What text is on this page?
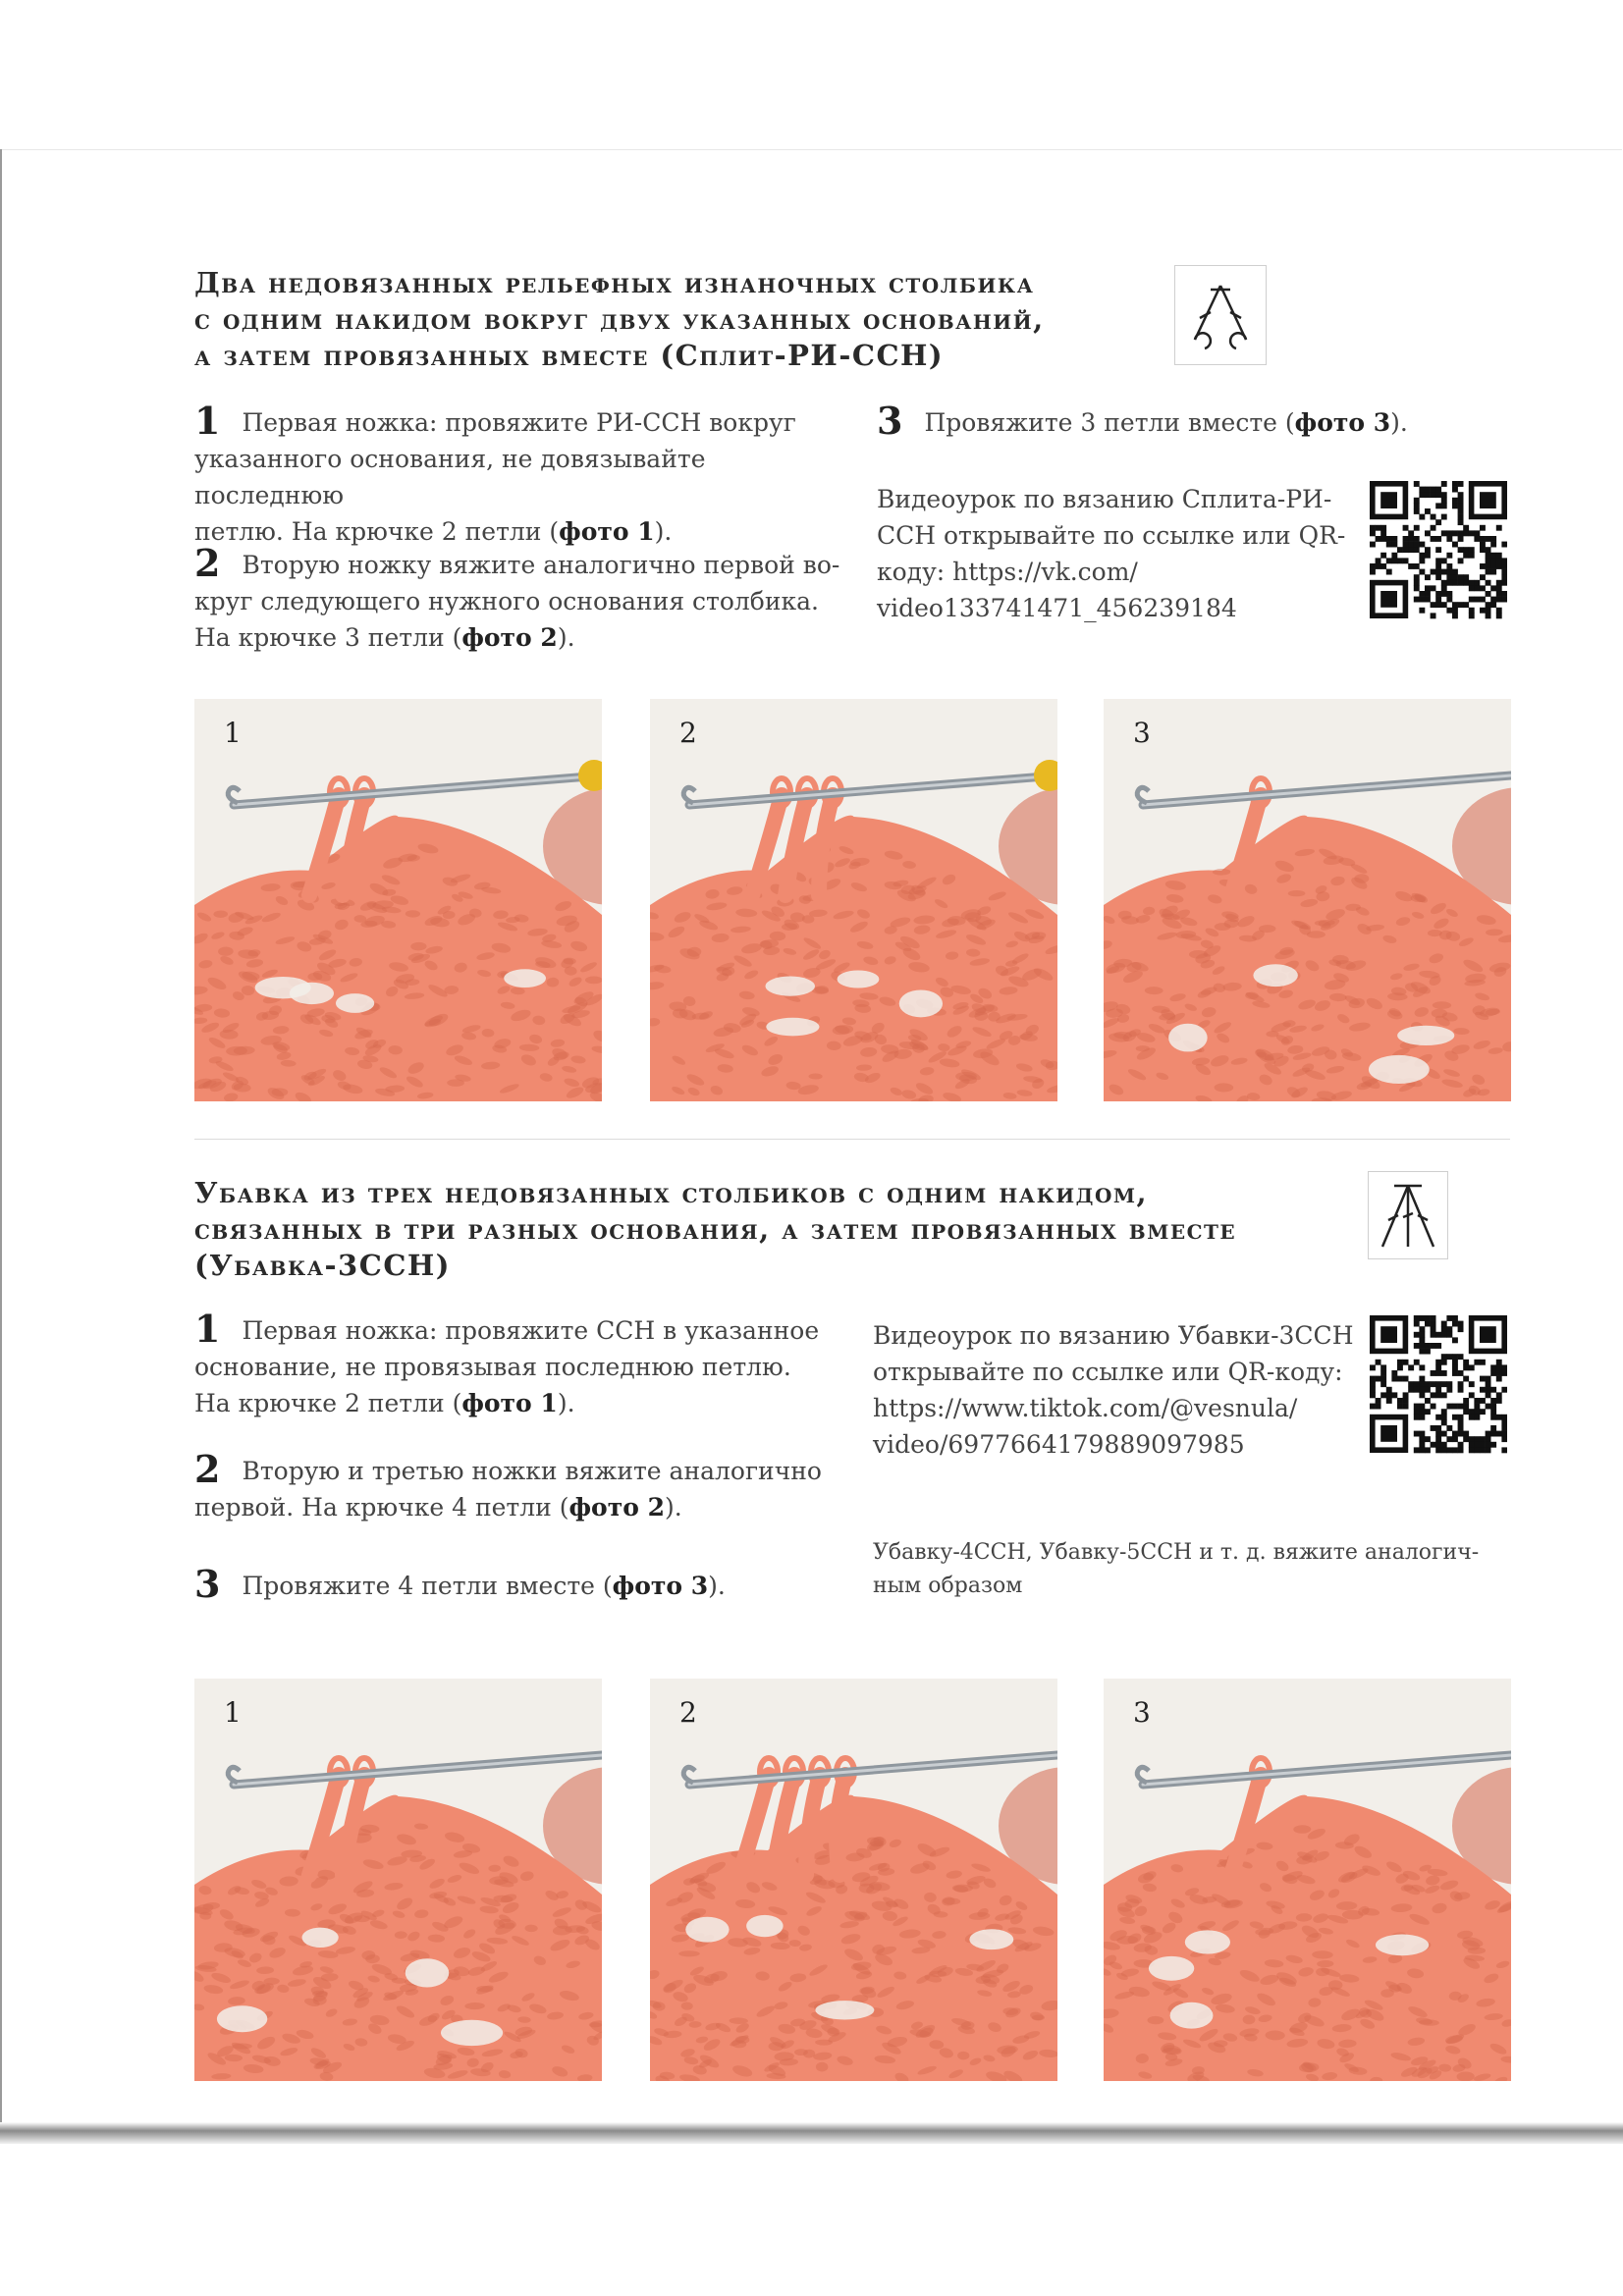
Два недовязанных рельефных изнаночных столбика
с одним накидом вокруг двух указанных оснований,
а затем провязанных вместе (Сплит-РИ-ССН)
1 Первая ножка: провяжите РИ-ССН вокруг
указанного основания, не довязывайте последнюю
петлю. На крючке 2 петли (фото 1).
2 Вторую ножку вяжите аналогично первой во-
круг следующего нужного основания столбика.
На крючке 3 петли (фото 2).
3 Провяжите 3 петли вместе (фото 3).
Видеоурок по вязанию Сплита-РИ-
ССН открывайте по ссылке или QR-
коду: https://vk.com/
video133741471_456239184
1	2	3
Убавка из трех недовязанных столбиков с одним накидом,
связанных в три разных основания, а затем провязанных вместе
(Убавка-3ССН)
1 Первая ножка: провяжите ССН в указанное
основание, не провязывая последнюю петлю.
На крючке 2 петли (фото 1).
2 Вторую и третью ножки вяжите аналогично
первой. На крючке 4 петли (фото 2).
3 Провяжите 4 петли вместе (фото 3).
Видеоурок по вязанию Убавки-3ССН
открывайте по ссылке или QR-коду:
https://www.tiktok.com/@vesnula/
video/6977664179889097985
Убавку-4ССН, Убавку-5ССН и т. д. вяжите аналогич-
ным образом
1	2	3
